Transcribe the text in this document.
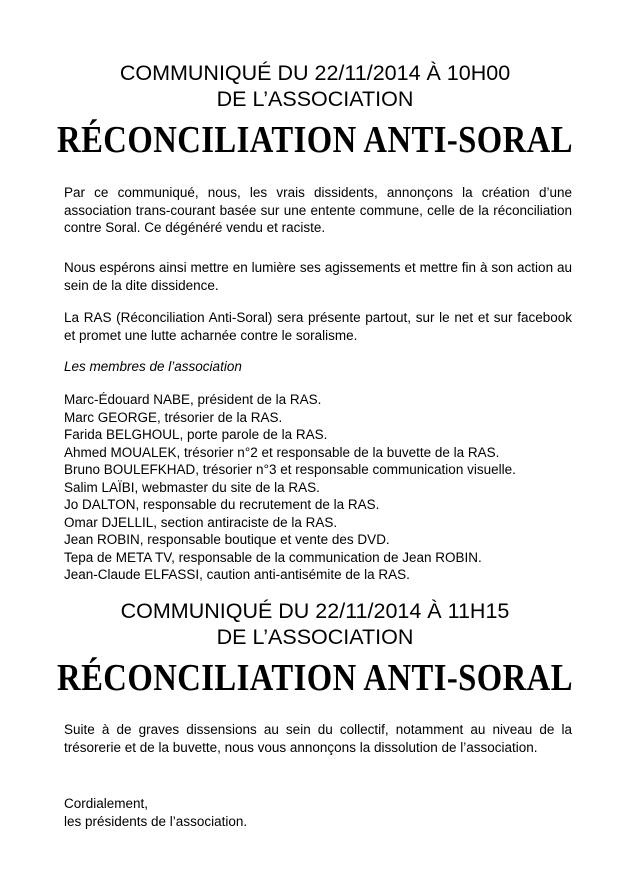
COMMUNIQUÉ DU 22/11/2014 À 10H00

DE L’ASSOCIATION

RÉCONCILIATION ANTI-SORAL

Par ce communiqué, nous, les vrais dissidents, annonçons la création d’une association trans-courant basée sur une entente commune, celle de la réconciliation contre Soral. Ce dégénéré vendu et raciste.

Nous espérons ainsi mettre en lumière ses agissements et mettre fin à son action au sein de la dite dissidence.

La RAS (Réconciliation Anti-Soral) sera présente partout, sur le net et sur facebook et promet une lutte acharnée contre le soralisme.

Les membres de l’association

Marc-Édouard NABE, président de la RAS.
Marc GEORGE, trésorier de la RAS.
Farida BELGHOUL, porte parole de la RAS.
Ahmed MOUALEK, trésorier n°2 et responsable de la buvette de la RAS.
Bruno BOULEFKHAD, trésorier n°3 et responsable communication visuelle.
Salim LAÏBI, webmaster du site de la RAS.
Jo DALTON, responsable du recrutement de la RAS.
Omar DJELLIL, section antiraciste de la RAS.
Jean ROBIN, responsable boutique et vente des DVD.
Tepa de META TV, responsable de la communication de Jean ROBIN.
Jean-Claude ELFASSI, caution anti-antisémite de la RAS.

COMMUNIQUÉ DU 22/11/2014 À 11H15

DE L’ASSOCIATION

RÉCONCILIATION ANTI-SORAL

Suite à de graves dissensions au sein du collectif, notamment au niveau de la trésorerie et de la buvette, nous vous annonçons la dissolution de l’association.

Cordialement,
les présidents de l’association.
